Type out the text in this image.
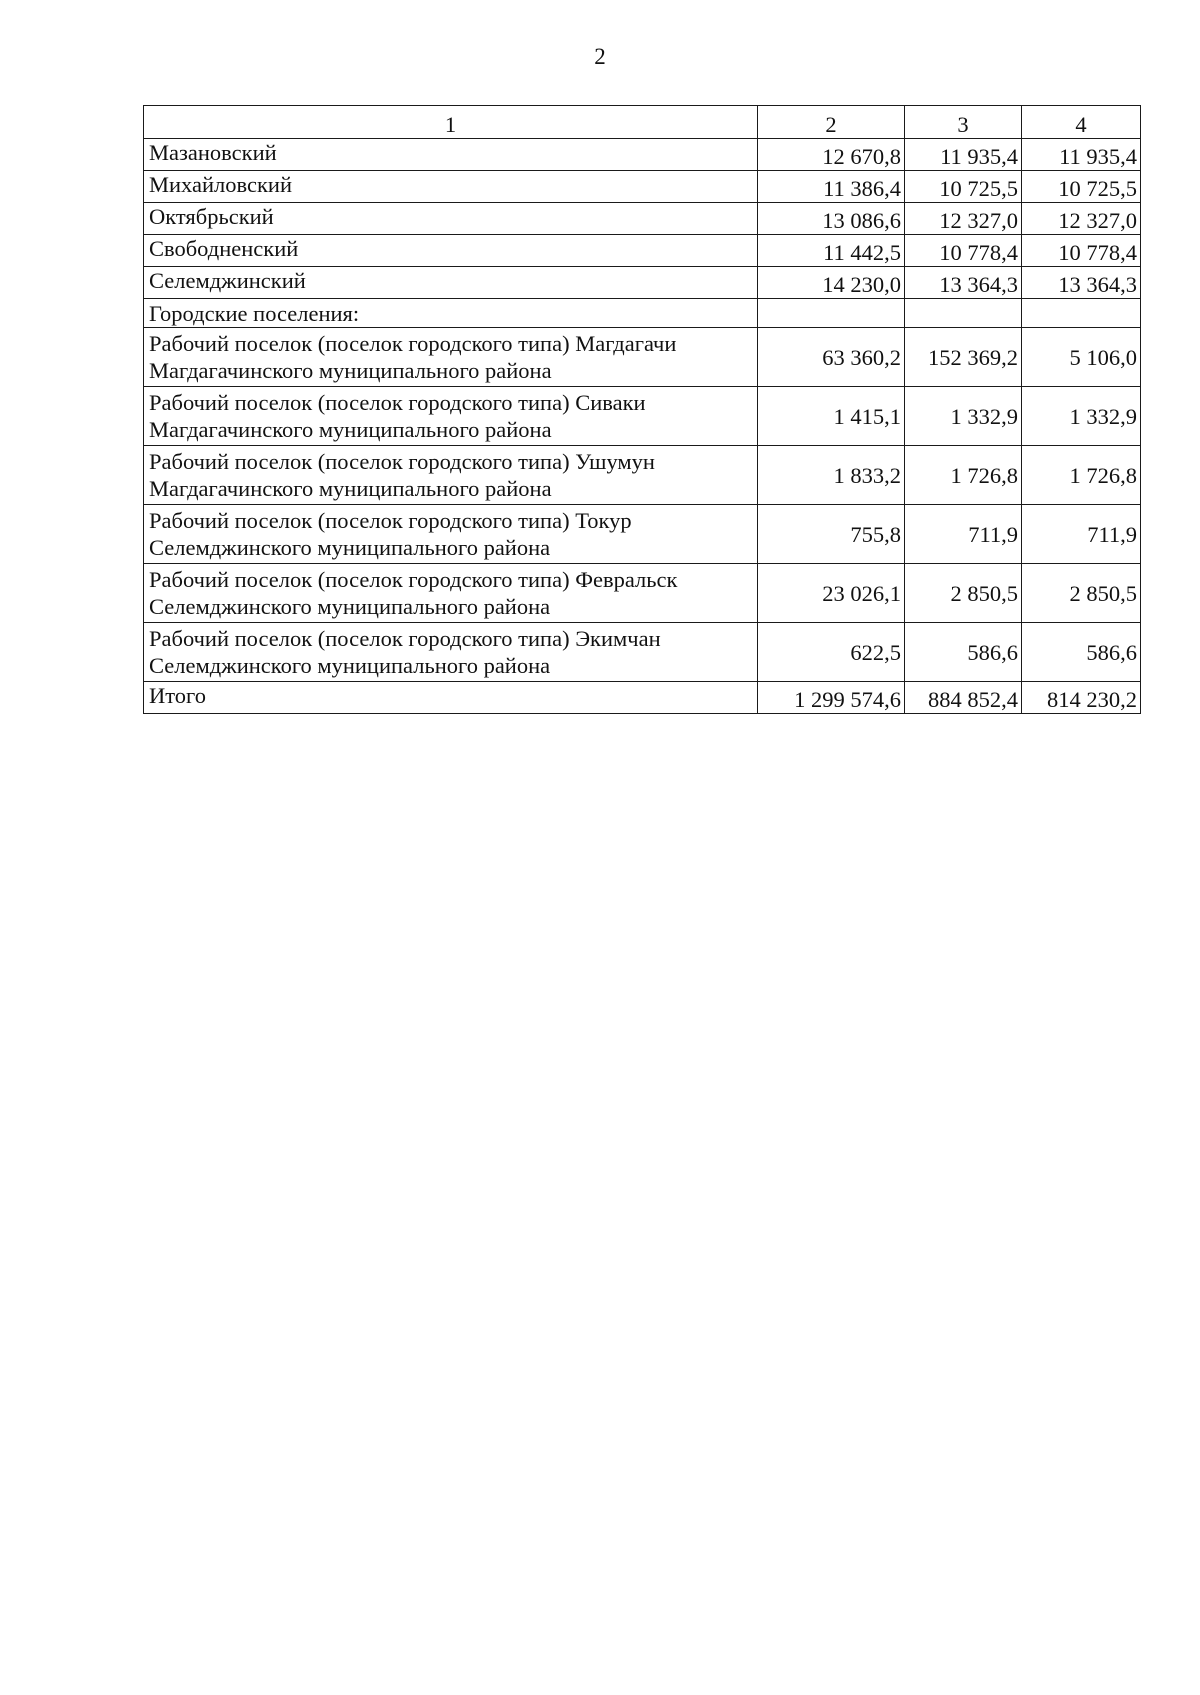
2
1	2	3	4
Мазановский	12 670,8	11 935,4	11 935,4
Михайловский	11 386,4	10 725,5	10 725,5
Октябрьский	13 086,6	12 327,0	12 327,0
Свободненский	11 442,5	10 778,4	10 778,4
Селемджинский	14 230,0	13 364,3	13 364,3
Городские поселения:			
Рабочий поселок (поселок городского типа) Магдагачи
Магдагачинского муниципального района	63 360,2	152 369,2	5 106,0
Рабочий поселок (поселок городского типа) Сиваки
Магдагачинского муниципального района	1 415,1	1 332,9	1 332,9
Рабочий поселок (поселок городского типа) Ушумун
Магдагачинского муниципального района	1 833,2	1 726,8	1 726,8
Рабочий поселок (поселок городского типа) Токур
Селемджинского муниципального района	755,8	711,9	711,9
Рабочий поселок (поселок городского типа) Февральск
Селемджинского муниципального района	23 026,1	2 850,5	2 850,5
Рабочий поселок (поселок городского типа) Экимчан
Селемджинского муниципального района	622,5	586,6	586,6
Итого	1 299 574,6	884 852,4	814 230,2
